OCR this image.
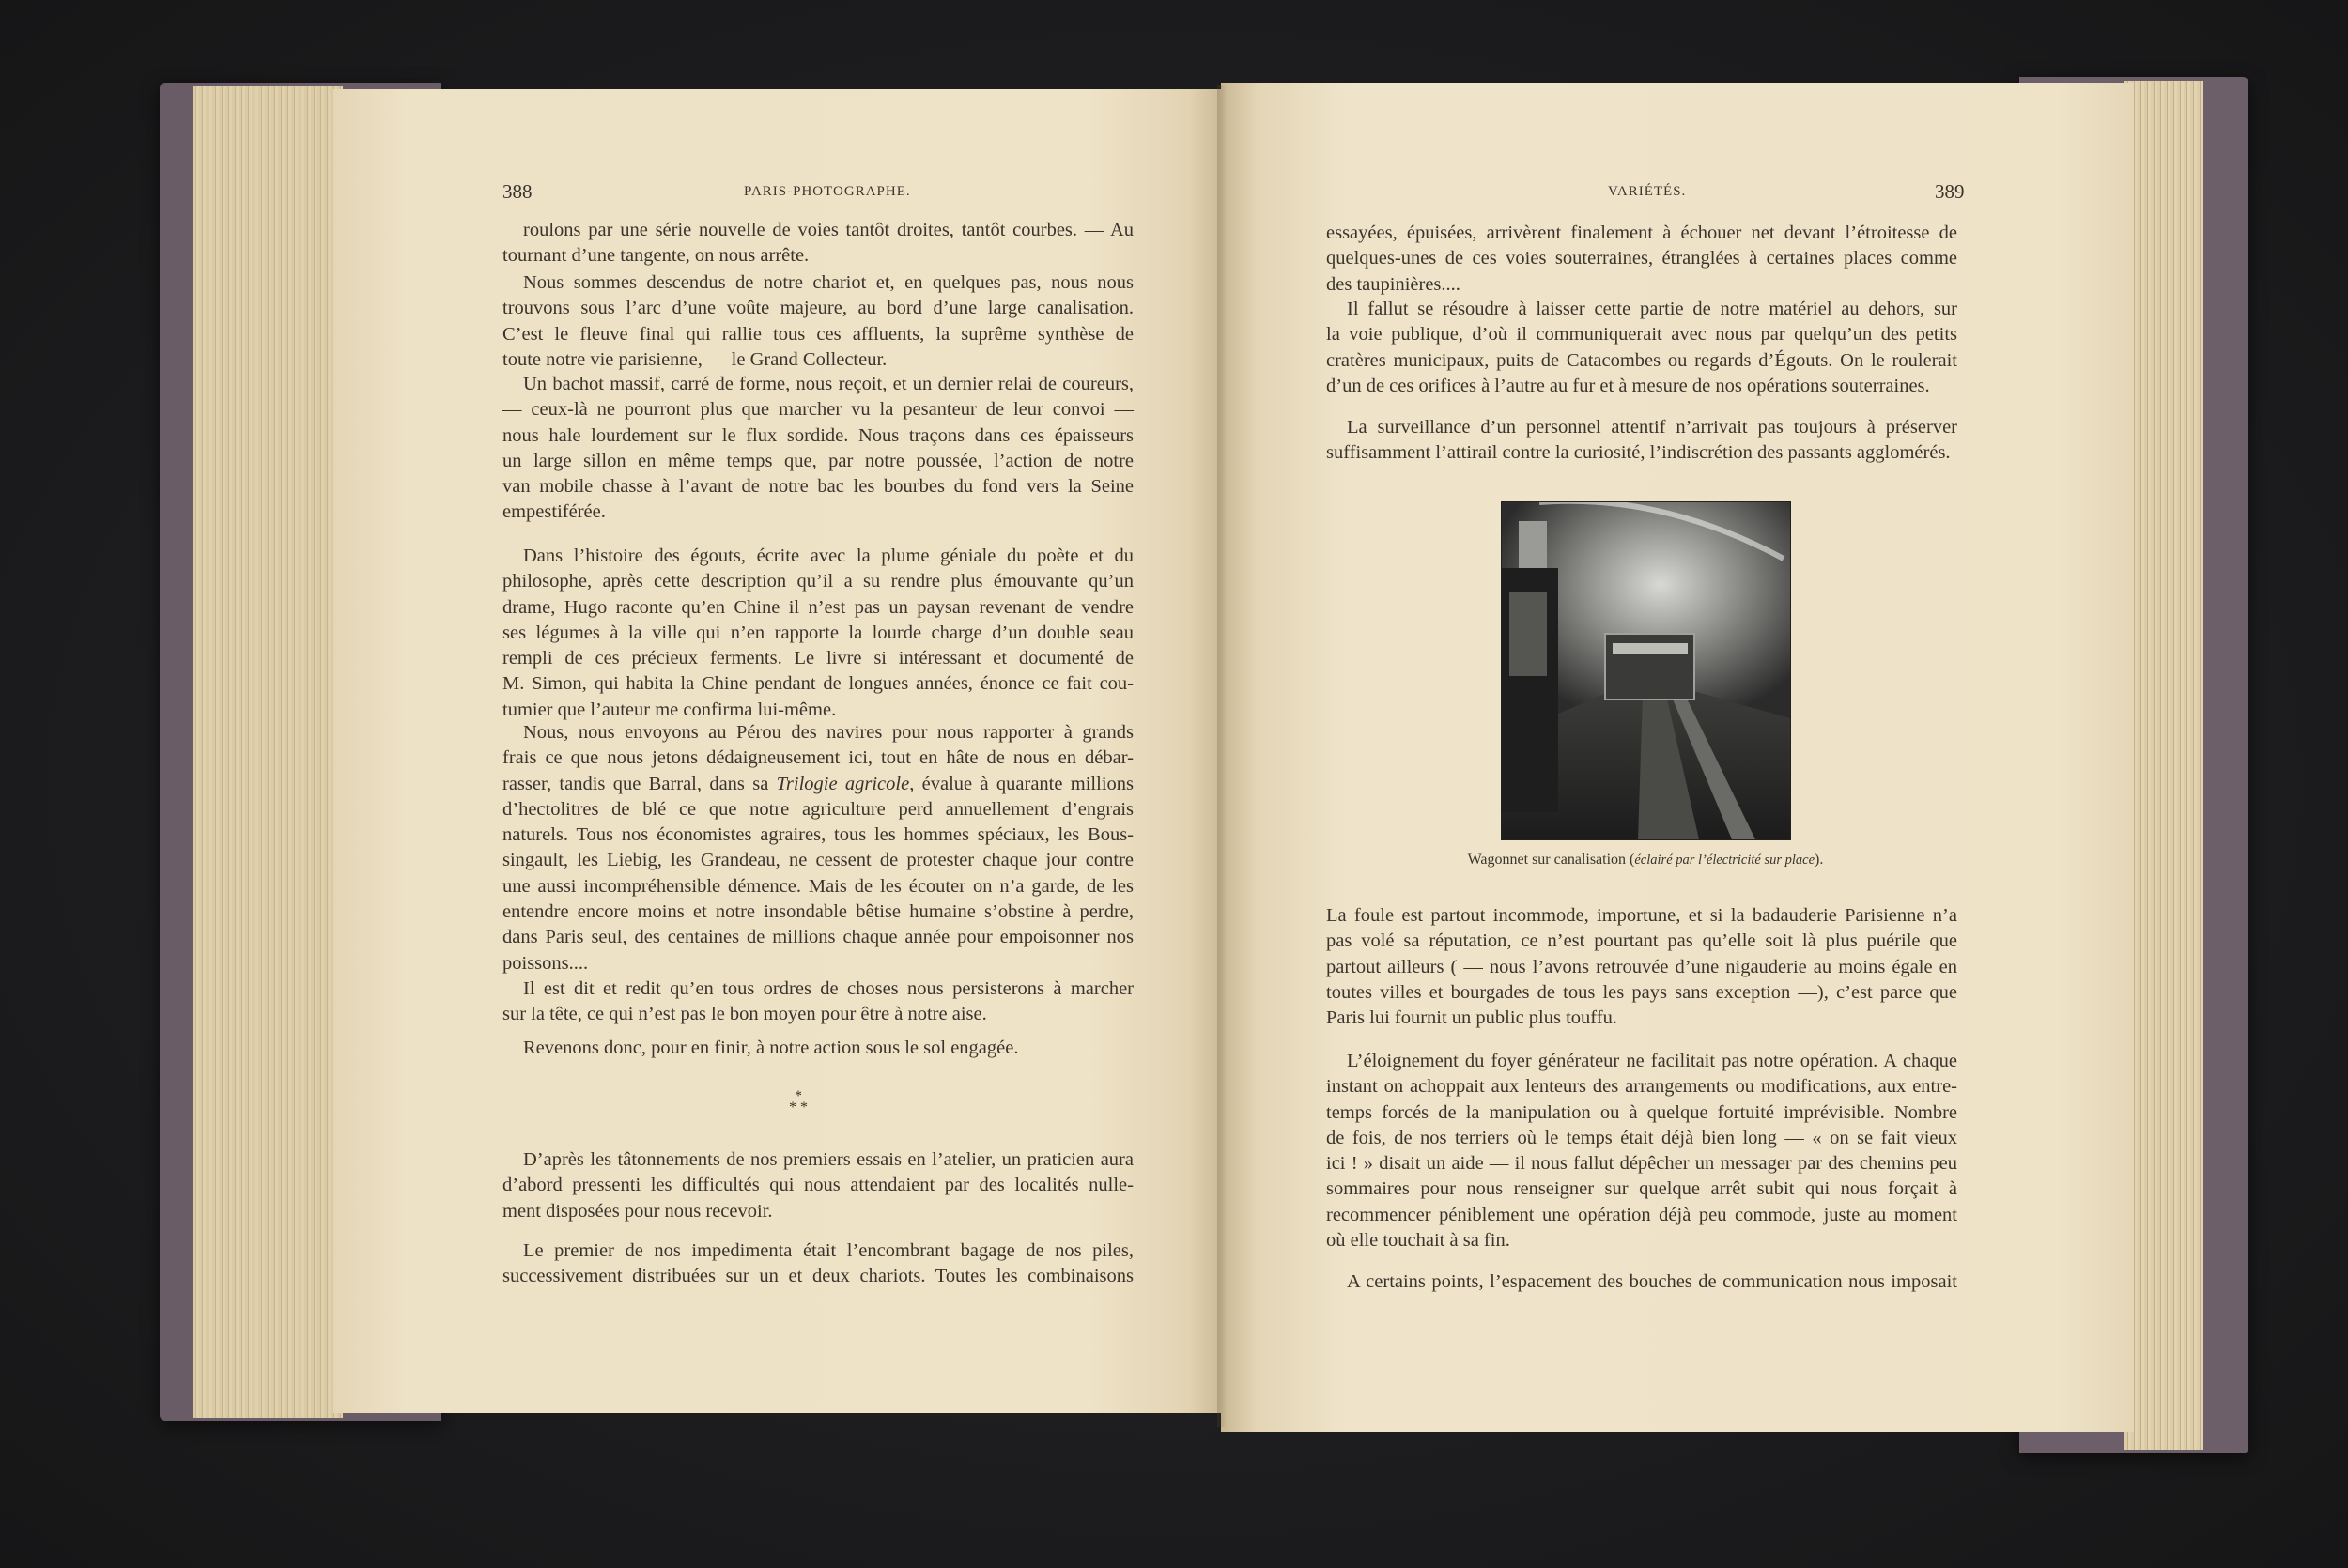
388	PARIS-PHOTOGRAPHE.	VARIÉTÉS.	389
roulons par une série nouvelle de voies tantôt droites, tantôt courbes. — Au
tournant d’une tangente, on nous arrête.
Nous sommes descendus de notre chariot et, en quelques pas, nous nous
trouvons sous l’arc d’une voûte majeure, au bord d’une large canalisation.
C’est le fleuve final qui rallie tous ces affluents, la suprême synthèse de
toute notre vie parisienne, — le Grand Collecteur.
Un bachot massif, carré de forme, nous reçoit, et un dernier relai de coureurs,
— ceux-là ne pourront plus que marcher vu la pesanteur de leur convoi —
nous hale lourdement sur le flux sordide. Nous traçons dans ces épaisseurs
un large sillon en même temps que, par notre poussée, l’action de notre
van mobile chasse à l’avant de notre bac les bourbes du fond vers la Seine
empestiférée.
Dans l’histoire des égouts, écrite avec la plume géniale du poète et du
philosophe, après cette description qu’il a su rendre plus émouvante qu’un
drame, Hugo raconte qu’en Chine il n’est pas un paysan revenant de vendre
ses légumes à la ville qui n’en rapporte la lourde charge d’un double seau
rempli de ces précieux ferments. Le livre si intéressant et documenté de
M. Simon, qui habita la Chine pendant de longues années, énonce ce fait cou-
tumier que l’auteur me confirma lui-même.
Nous, nous envoyons au Pérou des navires pour nous rapporter à grands
frais ce que nous jetons dédaigneusement ici, tout en hâte de nous en débar-
rasser, tandis que Barral, dans sa Trilogie agricole, évalue à quarante millions
d’hectolitres de blé ce que notre agriculture perd annuellement d’engrais
naturels. Tous nos économistes agraires, tous les hommes spéciaux, les Bous-
singault, les Liebig, les Grandeau, ne cessent de protester chaque jour contre
une aussi incompréhensible démence. Mais de les écouter on n’a garde, de les
entendre encore moins et notre insondable bêtise humaine s’obstine à perdre,
dans Paris seul, des centaines de millions chaque année pour empoisonner nos
poissons....
Il est dit et redit qu’en tous ordres de choses nous persisterons à marcher
sur la tête, ce qui n’est pas le bon moyen pour être à notre aise.
Revenons donc, pour en finir, à notre action sous le sol engagée.
D’après les tâtonnements de nos premiers essais en l’atelier, un praticien aura
d’abord pressenti les difficultés qui nous attendaient par des localités nulle-
ment disposées pour nous recevoir.
Le premier de nos impedimenta était l’encombrant bagage de nos piles,
successivement distribuées sur un et deux chariots. Toutes les combinaisons
*
* *
essayées, épuisées, arrivèrent finalement à échouer net devant l’étroitesse de
quelques-unes de ces voies souterraines, étranglées à certaines places comme
des taupinières....
Il fallut se résoudre à laisser cette partie de notre matériel au dehors, sur
la voie publique, d’où il communiquerait avec nous par quelqu’un des petits
cratères municipaux, puits de Catacombes ou regards d’Égouts. On le roulerait
d’un de ces orifices à l’autre au fur et à mesure de nos opérations souterraines.
La surveillance d’un personnel attentif n’arrivait pas toujours à préserver
suffisamment l’attirail contre la curiosité, l’indiscrétion des passants agglomérés.
La foule est partout incommode, importune, et si la badauderie Parisienne n’a
pas volé sa réputation, ce n’est pourtant pas qu’elle soit là plus puérile que
partout ailleurs ( — nous l’avons retrouvée d’une nigauderie au moins égale en
toutes villes et bourgades de tous les pays sans exception —), c’est parce que
Paris lui fournit un public plus touffu.
L’éloignement du foyer générateur ne facilitait pas notre opération. A chaque
instant on achoppait aux lenteurs des arrangements ou modifications, aux entre-
temps forcés de la manipulation ou à quelque fortuité imprévisible. Nombre
de fois, de nos terriers où le temps était déjà bien long — « on se fait vieux
ici ! » disait un aide — il nous fallut dépêcher un messager par des chemins peu
sommaires pour nous renseigner sur quelque arrêt subit qui nous forçait à
recommencer péniblement une opération déjà peu commode, juste au moment
où elle touchait à sa fin.
A certains points, l’espacement des bouches de communication nous imposait
Wagonnet sur canalisation (éclairé par l’électricité sur place).
